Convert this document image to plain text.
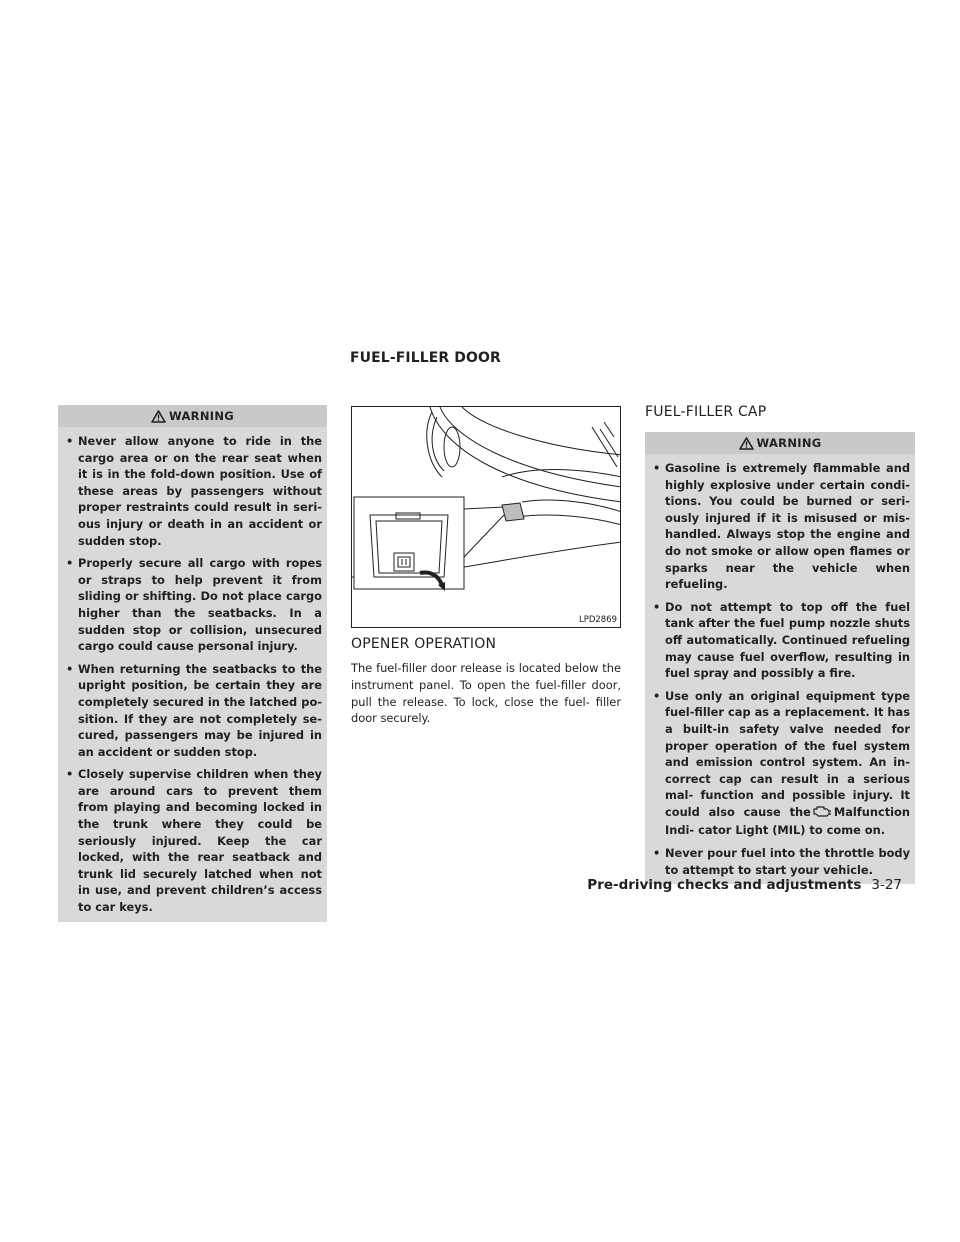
FUEL-FILLER DOOR
WARNING
• Never allow anyone to ride in the cargo area or on the rear seat when it is in the fold-down position. Use of these areas by passengers without proper restraints could result in seri- ous injury or death in an accident or sudden stop.
• Properly secure all cargo with ropes or straps to help prevent it from sliding or shifting. Do not place cargo higher than the seatbacks. In a sudden stop or collision, unsecured cargo could cause personal injury.
• When returning the seatbacks to the upright position, be certain they are completely secured in the latched po- sition. If they are not completely se- cured, passengers may be injured in an accident or sudden stop.
• Closely supervise children when they are around cars to prevent them from playing and becoming locked in the trunk where they could be seriously injured. Keep the car locked, with the rear seatback and trunk lid securely latched when not in use, and prevent children’s access to car keys.
LPD2869
OPENER OPERATION
The fuel-filler door release is located below the instrument panel. To open the fuel-filler door, pull the release. To lock, close the fuel- filler door securely.
FUEL-FILLER CAP
WARNING
• Gasoline is extremely flammable and highly explosive under certain condi- tions. You could be burned or seri- ously injured if it is misused or mis- handled. Always stop the engine and do not smoke or allow open flames or sparks near the vehicle when refueling.
• Do not attempt to top off the fuel tank after the fuel pump nozzle shuts off automatically. Continued refueling may cause fuel overflow, resulting in fuel spray and possibly a fire.
• Use only an original equipment type fuel-filler cap as a replacement. It has a built-in safety valve needed for proper operation of the fuel system and emission control system. An in- correct cap can result in a serious mal- function and possible injury. It could also cause the Malfunction Indi- cator Light (MIL) to come on.
• Never pour fuel into the throttle body to attempt to start your vehicle.
Pre-driving checks and adjustments 3-27
